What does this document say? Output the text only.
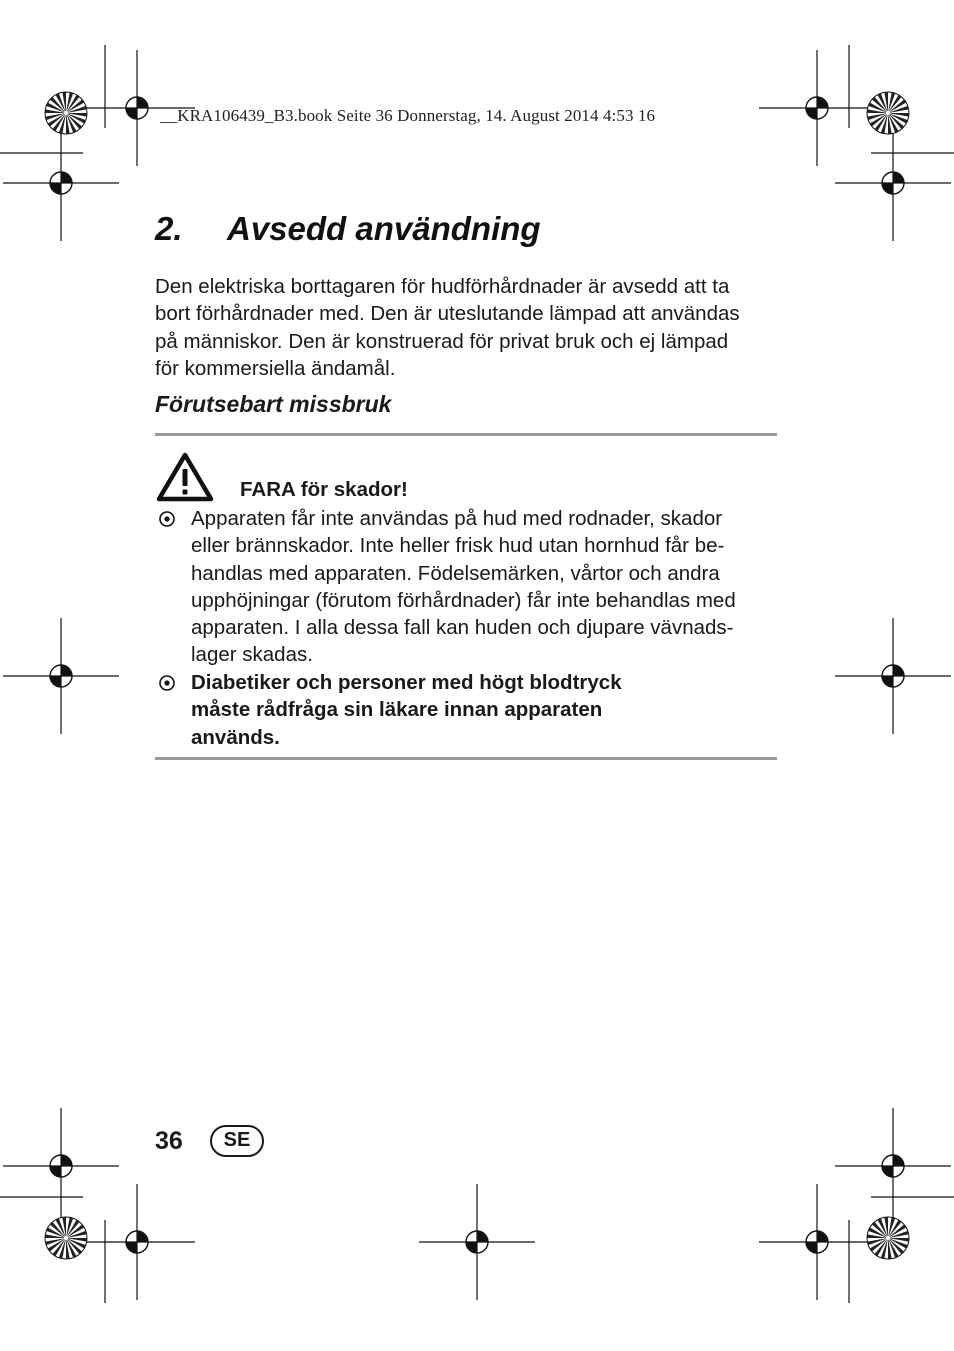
__KRA106439_B3.book Seite 36 Donnerstag, 14. August 2014 4:53 16
2. Avsedd användning

Den elektriska borttagaren för hudförhårdnader är avsedd att ta
bort förhårdnader med. Den är uteslutande lämpad att användas
på människor. Den är konstruerad för privat bruk och ej lämpad
för kommersiella ändamål.

Förutsebart missbruk
FARA för skador!
Apparaten får inte användas på hud med rodnader, skador
eller brännskador. Inte heller frisk hud utan hornhud får be-
handlas med apparaten. Födelsemärken, vårtor och andra
upphöjningar (förutom förhårdnader) får inte behandlas med
apparaten. I alla dessa fall kan huden och djupare vävnads-
lager skadas.
Diabetiker och personer med högt blodtryck
måste rådfråga sin läkare innan apparaten
används.
36	SE
